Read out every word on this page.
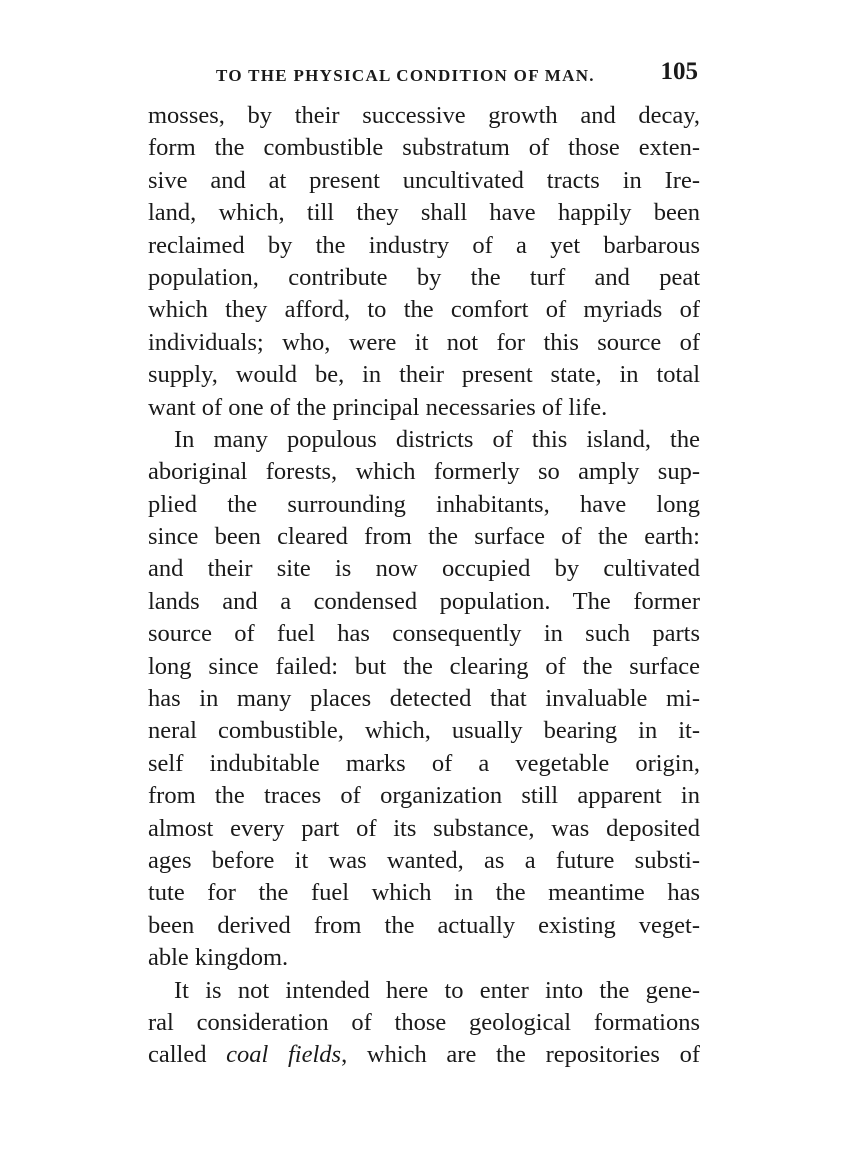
TO THE PHYSICAL CONDITION OF MAN.	105
mosses, by their successive growth and decay,
form the combustible substratum of those exten-
sive and at present uncultivated tracts in Ire-
land, which, till they shall have happily been
reclaimed by the industry of a yet barbarous
population, contribute by the turf and peat
which they afford, to the comfort of myriads of
individuals; who, were it not for this source of
supply, would be, in their present state, in total
want of one of the principal necessaries of life.
In many populous districts of this island, the
aboriginal forests, which formerly so amply sup-
plied the surrounding inhabitants, have long
since been cleared from the surface of the earth:
and their site is now occupied by cultivated
lands and a condensed population. The former
source of fuel has consequently in such parts
long since failed: but the clearing of the surface
has in many places detected that invaluable mi-
neral combustible, which, usually bearing in it-
self indubitable marks of a vegetable origin,
from the traces of organization still apparent in
almost every part of its substance, was deposited
ages before it was wanted, as a future substi-
tute for the fuel which in the meantime has
been derived from the actually existing veget-
able kingdom.
It is not intended here to enter into the gene-
ral consideration of those geological formations
called coal fields, which are the repositories of
